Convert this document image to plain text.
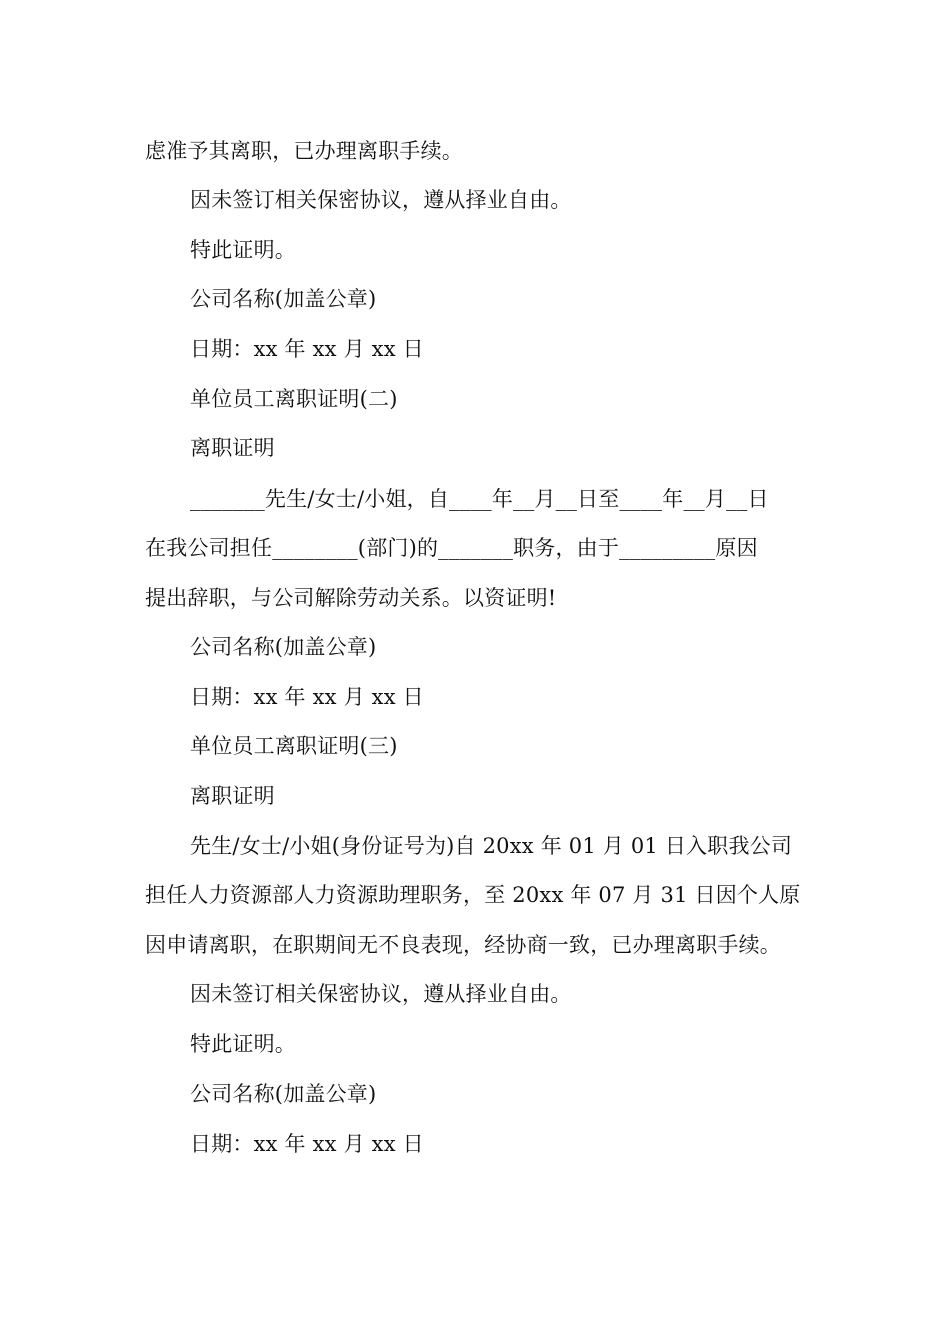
虑准予其离职，已办理离职手续。
因未签订相关保密协议，遵从择业自由。
特此证明。
公司名称(加盖公章)
日期：xx 年 xx 月 xx 日
单位员工离职证明(二)
离职证明
_______先生/女士/小姐，自____年__月__日至____年__月__日
在我公司担任________(部门)的_______职务，由于_________原因
提出辞职，与公司解除劳动关系。以资证明!
公司名称(加盖公章)
日期：xx 年 xx 月 xx 日
单位员工离职证明(三)
离职证明
先生/女士/小姐(身份证号为)自 20xx 年 01 月 01 日入职我公司
担任人力资源部人力资源助理职务，至 20xx 年 07 月 31 日因个人原
因申请离职，在职期间无不良表现，经协商一致，已办理离职手续。
因未签订相关保密协议，遵从择业自由。
特此证明。
公司名称(加盖公章)
日期：xx 年 xx 月 xx 日
